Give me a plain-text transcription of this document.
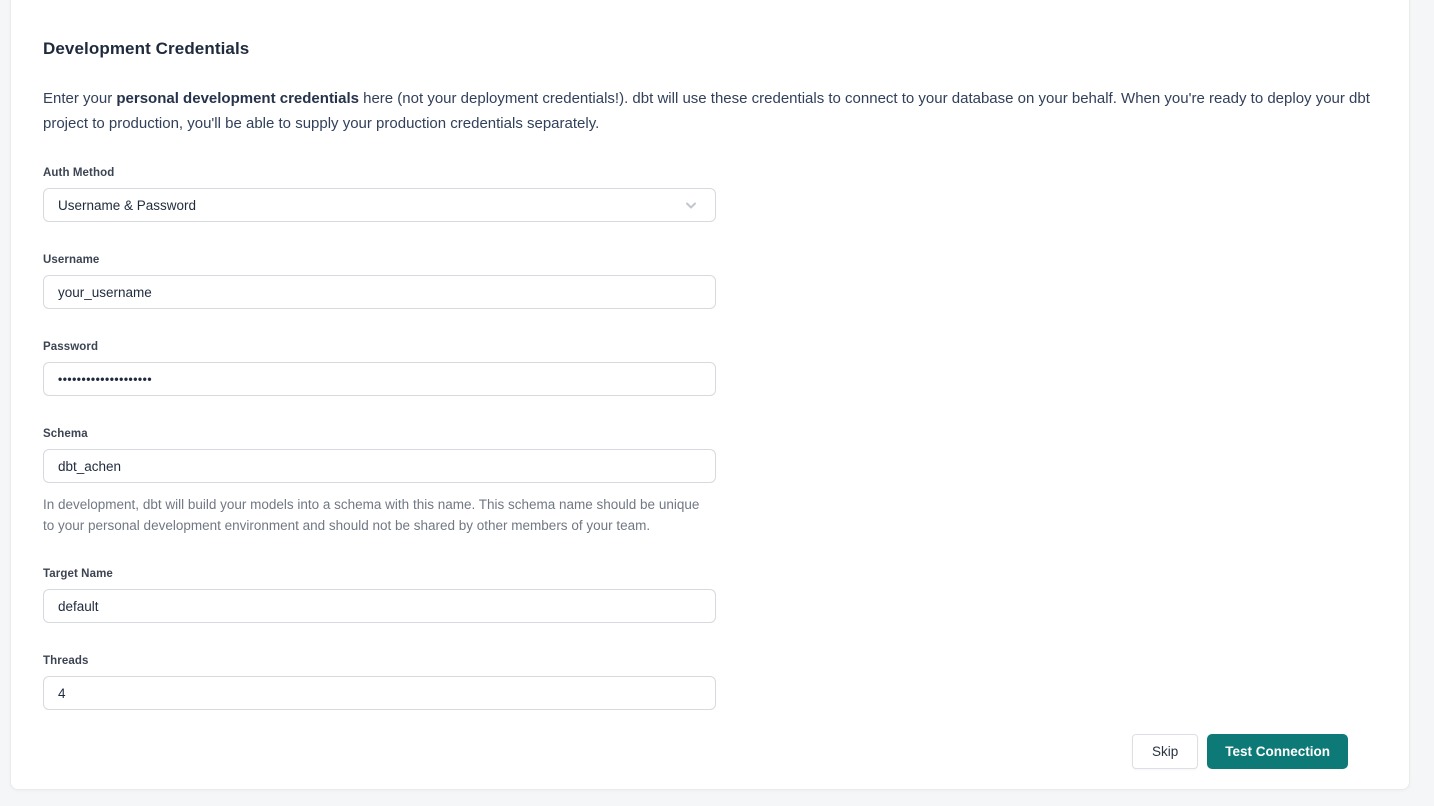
Development Credentials

Enter your personal development credentials here (not your deployment credentials!). dbt will use these credentials to connect to your database on your behalf. When you're ready to deploy your dbt project to production, you'll be able to supply your production credentials separately.

Auth Method
Username & Password
Username
your_username
Password
••••••••••••••••••••
Schema
dbt_achen

In development, dbt will build your models into a schema with this name. This schema name should be unique to your personal development environment and should not be shared by other members of your team.

Target Name
default
Threads
4
Skip	Test Connection
